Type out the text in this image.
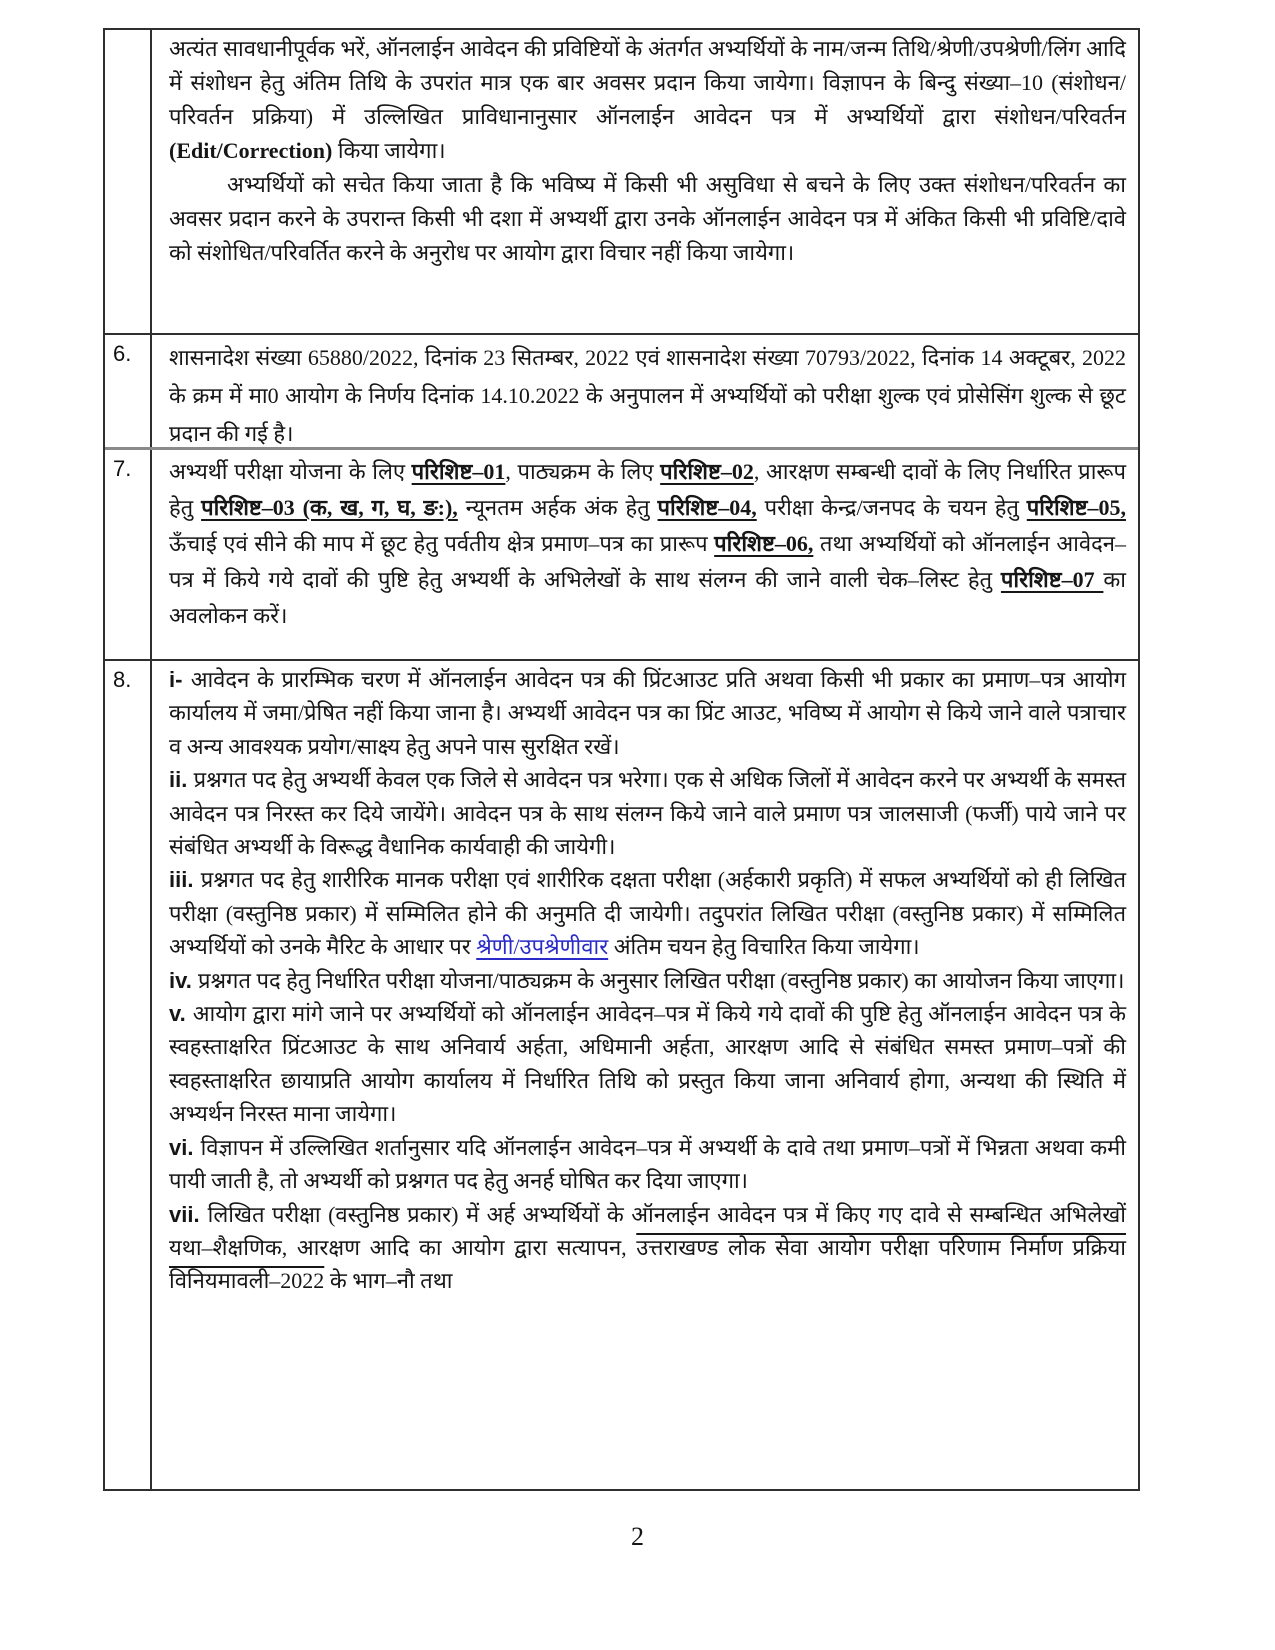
अत्यंत सावधानीपूर्वक भरें, ऑनलाईन आवेदन की प्रविष्टियों के अंतर्गत अभ्यर्थियों के नाम/जन्म तिथि/श्रेणी/उपश्रेणी/लिंग आदि में संशोधन हेतु अंतिम तिथि के उपरांत मात्र एक बार अवसर प्रदान किया जायेगा। विज्ञापन के बिन्दु संख्या–10 (संशोधन/परिवर्तन प्रक्रिया) में उल्लिखित प्राविधानानुसार ऑनलाईन आवेदन पत्र में अभ्यर्थियों द्वारा संशोधन/परिवर्तन (Edit/Correction) किया जायेगा।

अभ्यर्थियों को सचेत किया जाता है कि भविष्य में किसी भी असुविधा से बचने के लिए उक्त संशोधन/परिवर्तन का अवसर प्रदान करने के उपरान्त किसी भी दशा में अभ्यर्थी द्वारा उनके ऑनलाईन आवेदन पत्र में अंकित किसी भी प्रविष्टि/दावे को संशोधित/परिवर्तित करने के अनुरोध पर आयोग द्वारा विचार नहीं किया जायेगा।

6.	शासनादेश संख्या 65880/2022, दिनांक 23 सितम्बर, 2022 एवं शासनादेश संख्या 70793/2022, दिनांक 14 अक्टूबर, 2022 के क्रम में मा0 आयोग के निर्णय दिनांक 14.10.2022 के अनुपालन में अभ्यर्थियों को परीक्षा शुल्क एवं प्रोसेसिंग शुल्क से छूट प्रदान की गई है।

7.	अभ्यर्थी परीक्षा योजना के लिए परिशिष्ट–01, पाठ्यक्रम के लिए परिशिष्ट–02, आरक्षण सम्बन्धी दावों के लिए निर्धारित प्रारूप हेतु परिशिष्ट–03 (क, ख, ग, घ, ङ:), न्यूनतम अर्हक अंक हेतु परिशिष्ट–04, परीक्षा केन्द्र/जनपद के चयन हेतु परिशिष्ट–05, ऊँचाई एवं सीने की माप में छूट हेतु पर्वतीय क्षेत्र प्रमाण–पत्र का प्रारूप परिशिष्ट–06, तथा अभ्यर्थियों को ऑनलाईन आवेदन–पत्र में किये गये दावों की पुष्टि हेतु अभ्यर्थी के अभिलेखों के साथ संलग्न की जाने वाली चेक–लिस्ट हेतु परिशिष्ट–07 का अवलोकन करें।

8.	i- आवेदन के प्रारम्भिक चरण में ऑनलाईन आवेदन पत्र की प्रिंटआउट प्रति अथवा किसी भी प्रकार का प्रमाण–पत्र आयोग कार्यालय में जमा/प्रेषित नहीं किया जाना है। अभ्यर्थी आवेदन पत्र का प्रिंट आउट, भविष्य में आयोग से किये जाने वाले पत्राचार व अन्य आवश्यक प्रयोग/साक्ष्य हेतु अपने पास सुरक्षित रखें।

ii. प्रश्नगत पद हेतु अभ्यर्थी केवल एक जिले से आवेदन पत्र भरेगा। एक से अधिक जिलों में आवेदन करने पर अभ्यर्थी के समस्त आवेदन पत्र निरस्त कर दिये जायेंगे। आवेदन पत्र के साथ संलग्न किये जाने वाले प्रमाण पत्र जालसाजी (फर्जी) पाये जाने पर संबंधित अभ्यर्थी के विरूद्ध वैधानिक कार्यवाही की जायेगी।

iii. प्रश्नगत पद हेतु शारीरिक मानक परीक्षा एवं शारीरिक दक्षता परीक्षा (अर्हकारी प्रकृति) में सफल अभ्यर्थियों को ही लिखित परीक्षा (वस्तुनिष्ठ प्रकार) में सम्मिलित होने की अनुमति दी जायेगी। तदुपरांत लिखित परीक्षा (वस्तुनिष्ठ प्रकार) में सम्मिलित अभ्यर्थियों को उनके मैरिट के आधार पर श्रेणी/उपश्रेणीवार अंतिम चयन हेतु विचारित किया जायेगा।

iv. प्रश्नगत पद हेतु निर्धारित परीक्षा योजना/पाठ्यक्रम के अनुसार लिखित परीक्षा (वस्तुनिष्ठ प्रकार) का आयोजन किया जाएगा।

v. आयोग द्वारा मांगे जाने पर अभ्यर्थियों को ऑनलाईन आवेदन–पत्र में किये गये दावों की पुष्टि हेतु ऑनलाईन आवेदन पत्र के स्वहस्ताक्षरित प्रिंटआउट के साथ अनिवार्य अर्हता, अधिमानी अर्हता, आरक्षण आदि से संबंधित समस्त प्रमाण–पत्रों की स्वहस्ताक्षरित छायाप्रति आयोग कार्यालय में निर्धारित तिथि को प्रस्तुत किया जाना अनिवार्य होगा, अन्यथा की स्थिति में अभ्यर्थन निरस्त माना जायेगा।

vi. विज्ञापन में उल्लिखित शर्तानुसार यदि ऑनलाईन आवेदन–पत्र में अभ्यर्थी के दावे तथा प्रमाण–पत्रों में भिन्नता अथवा कमी पायी जाती है, तो अभ्यर्थी को प्रश्नगत पद हेतु अनर्ह घोषित कर दिया जाएगा।

vii. लिखित परीक्षा (वस्तुनिष्ठ प्रकार) में अर्ह अभ्यर्थियों के ऑनलाईन आवेदन पत्र में किए गए दावे से सम्बन्धित अभिलेखों यथा–शैक्षणिक, आरक्षण आदि का आयोग द्वारा सत्यापन, उत्तराखण्ड लोक सेवा आयोग परीक्षा परिणाम निर्माण प्रक्रिया विनियमावली–2022 के भाग–नौ तथा

2
